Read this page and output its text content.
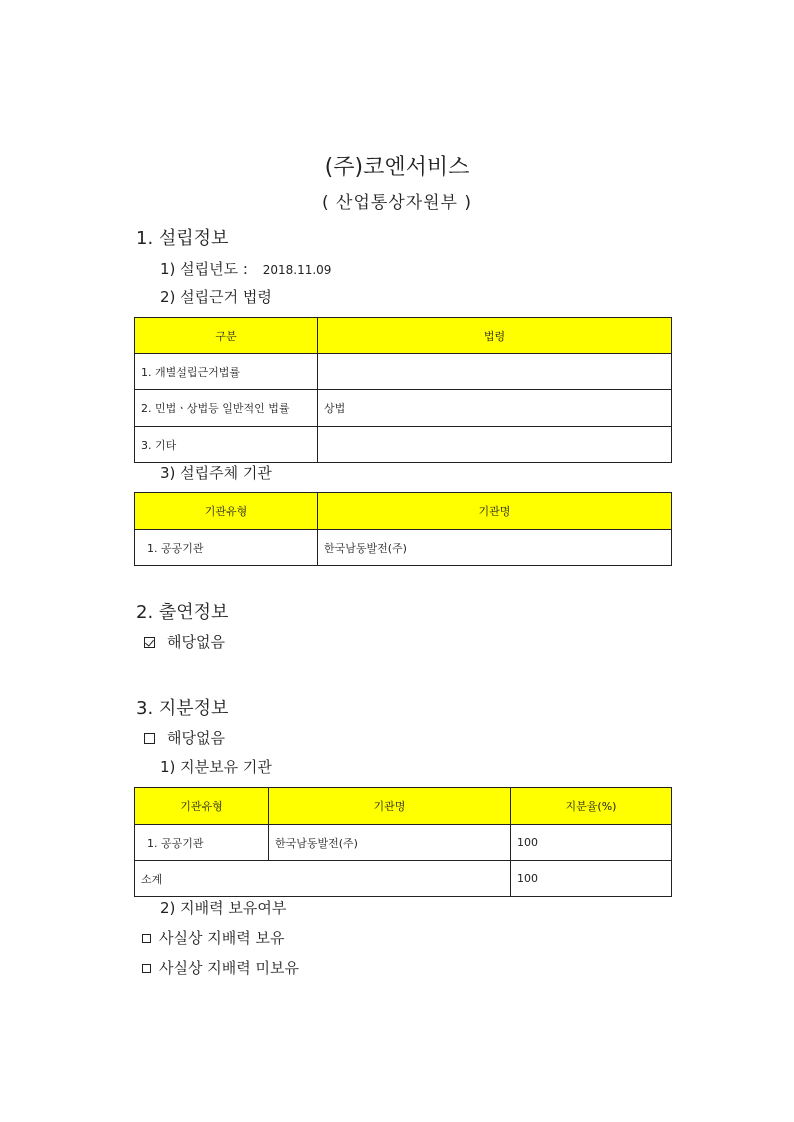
(주)코엔서비스
( 산업통상자원부 )
1. 설립정보
1) 설립년도 : 2018.11.09
2) 설립근거 법령
구분	법령
1. 개별설립근거법률	
2. 민법ㆍ상법등 일반적인 법률	상법
3. 기타	
3) 설립주체 기관
기관유형	기관명
1. 공공기관	한국남동발전(주)
2. 출연정보
해당없음
3. 지분정보
해당없음
1) 지분보유 기관
기관유형	기관명	지분율(%)
1. 공공기관	한국남동발전(주)	100
소계		100
2) 지배력 보유여부
사실상 지배력 보유
사실상 지배력 미보유
